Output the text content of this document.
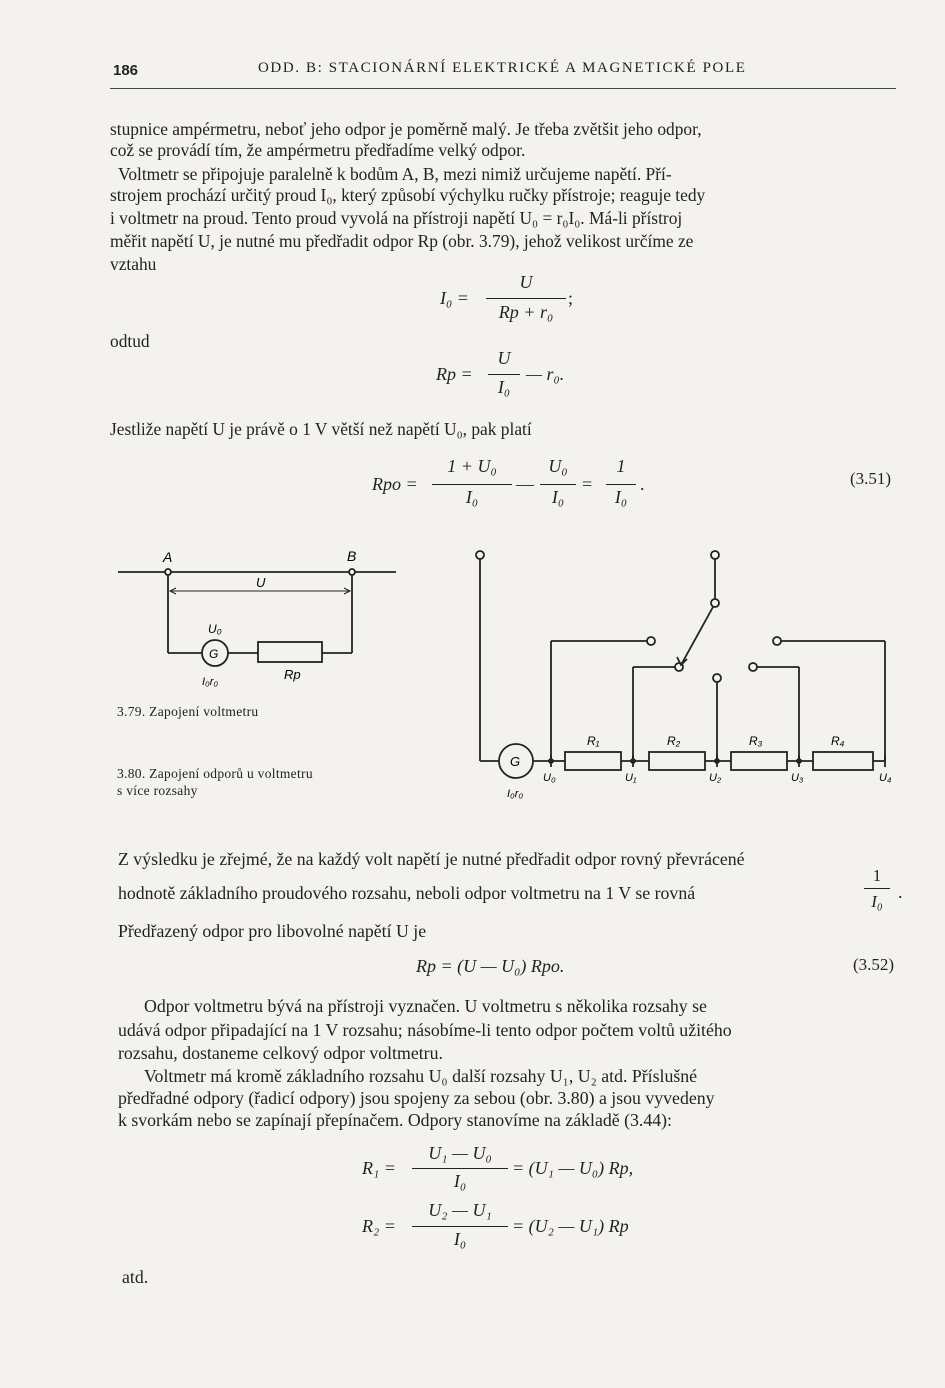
186	ODD. B: STACIONÁRNÍ ELEKTRICKÉ A MAGNETICKÉ POLE
stupnice ampérmetru, neboť jeho odpor je poměrně malý. Je třeba zvětšit jeho odpor,
což se provádí tím, že ampérmetru předřadíme velký odpor.
Voltmetr se připojuje paralelně k bodům A, B, mezi nimiž určujeme napětí. Pří-
strojem prochází určitý proud I₀, který způsobí výchylku ručky přístroje; reaguje tedy
i voltmetr na proud. Tento proud vyvolá na přístroji napětí U₀ = r₀I₀. Má-li přístroj
měřit napětí U, je nutné mu předřadit odpor Rp (obr. 3.79), jehož velikost určíme ze
vztahu
I₀ =
U
Rp + r₀
;
odtud
Rp =
U
I₀
— r₀.
Jestliže napětí U je právě o 1 V větší než napětí U₀, pak platí
Rpo =
1 + U₀
I₀
—
U₀
I₀
=
1
I₀
.	(3.51)
A	B
U
U₀
G
I₀r₀	Rp
3.79. Zapojení voltmetru
G
I₀r₀
R₁	R₂	R₃	R₄
U₀	U₁	U₂	U₃	U₄
3.80. Zapojení odporů u voltmetru
s více rozsahy
Z výsledku je zřejmé, že na každý volt napětí je nutné předřadit odpor rovný převrácené
hodnotě základního proudového rozsahu, neboli odpor voltmetru na 1 V se rovná
1
I₀ .
Předřazený odpor pro libovolné napětí U je
Rp = (U — U₀) Rpo.	(3.52)
Odpor voltmetru bývá na přístroji vyznačen. U voltmetru s několika rozsahy se
udává odpor připadající na 1 V rozsahu; násobíme-li tento odpor počtem voltů užitého
rozsahu, dostaneme celkový odpor voltmetru.
Voltmetr má kromě základního rozsahu U₀ další rozsahy U₁, U₂ atd. Příslušné
předřadné odpory (řadicí odpory) jsou spojeny za sebou (obr. 3.80) a jsou vyvedeny
k svorkám nebo se zapínají přepínačem. Odpory stanovíme na základě (3.44):
R₁ =
U₁ — U₀
I₀
= (U₁ — U₀) Rp,
R₂ =
U₂ — U₁
I₀
= (U₂ — U₁) Rp
atd.
